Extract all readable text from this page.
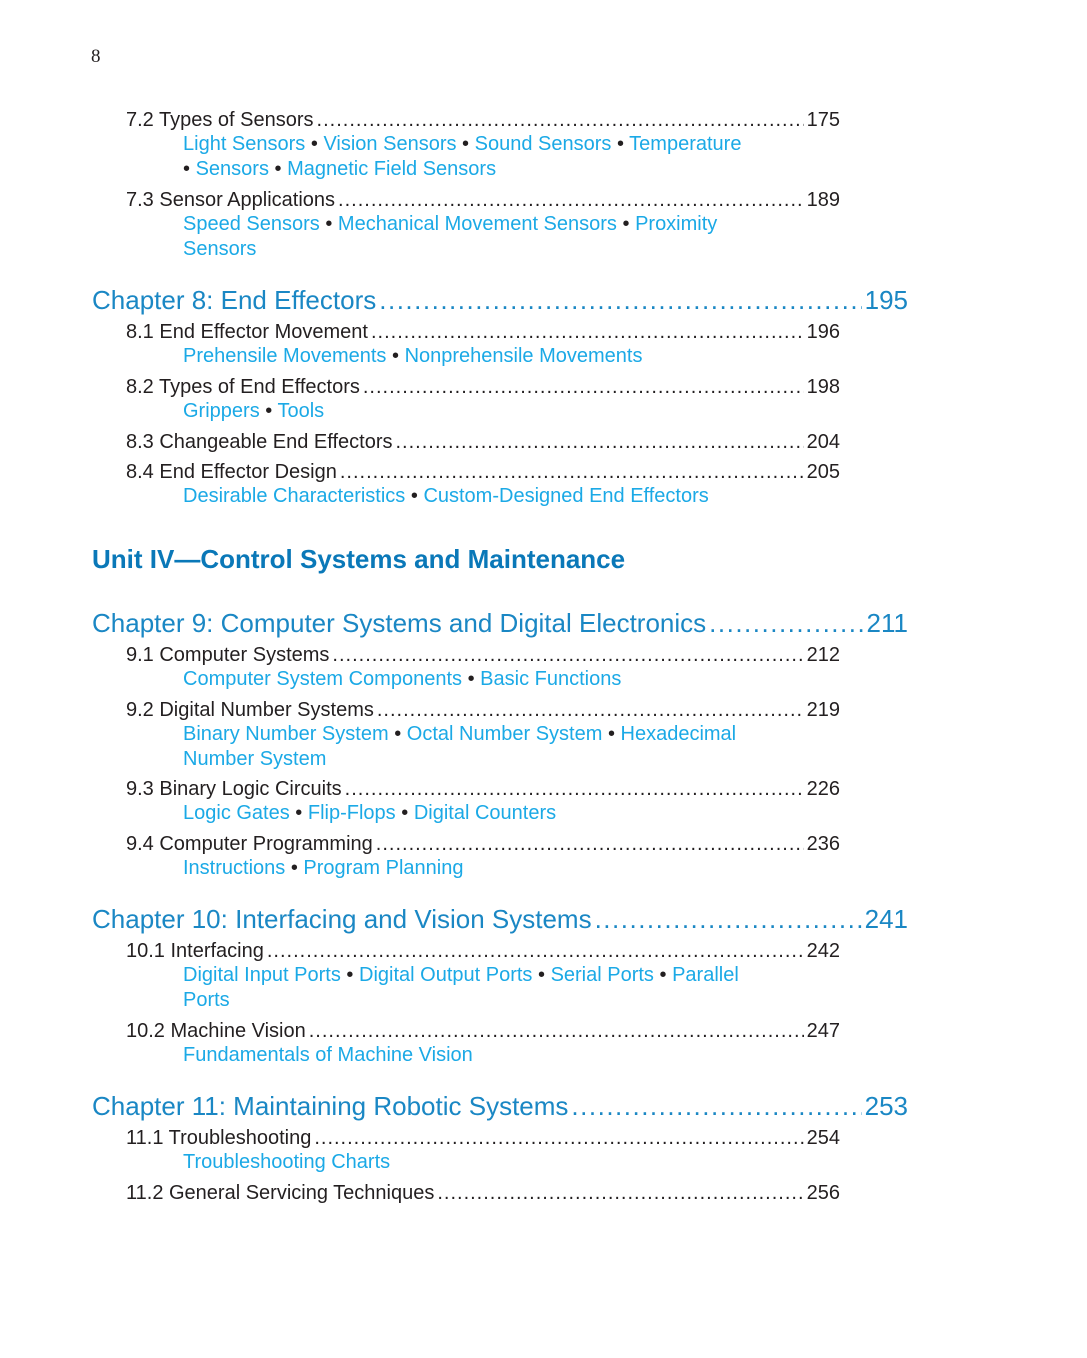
8
7.2 Types of Sensors .....	175
Light Sensors • Vision Sensors • Sound Sensors • Temperature
• Sensors • Magnetic Field Sensors
7.3 Sensor Applications .....	189
Speed Sensors • Mechanical Movement Sensors • Proximity
Sensors
Chapter 8: End Effectors .....	195
8.1 End Effector Movement .....	196
Prehensile Movements • Nonprehensile Movements
8.2 Types of End Effectors .....	198
Grippers • Tools
8.3 Changeable End Effectors .....	204
8.4 End Effector Design .....	205
Desirable Characteristics • Custom-Designed End Effectors
Unit IV—Control Systems and Maintenance
Chapter 9: Computer Systems and Digital Electronics .....	211
9.1 Computer Systems .....	212
Computer System Components • Basic Functions
9.2 Digital Number Systems .....	219
Binary Number System • Octal Number System • Hexadecimal
Number System
9.3 Binary Logic Circuits .....	226
Logic Gates • Flip-Flops • Digital Counters
9.4 Computer Programming .....	236
Instructions • Program Planning
Chapter 10: Interfacing and Vision Systems .....	241
10.1 Interfacing .....	242
Digital Input Ports • Digital Output Ports • Serial Ports • Parallel
Ports
10.2 Machine Vision .....	247
Fundamentals of Machine Vision
Chapter 11: Maintaining Robotic Systems .....	253
11.1 Troubleshooting .....	254
Troubleshooting Charts
11.2 General Servicing Techniques .....	256
